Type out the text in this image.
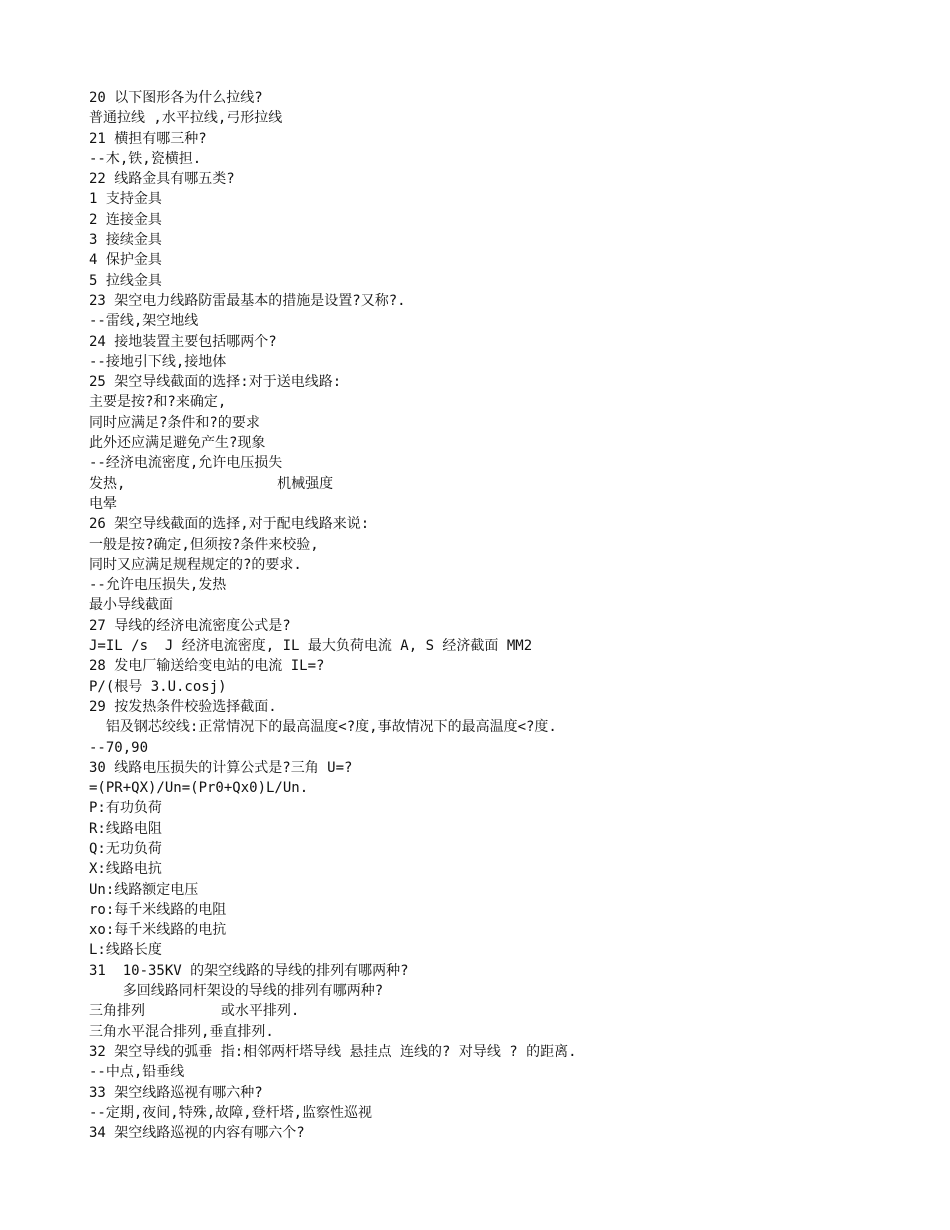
20 以下图形各为什么拉线?
普通拉线 ,水平拉线,弓形拉线
21 横担有哪三种?
--木,铁,瓷横担.
22 线路金具有哪五类?
1 支持金具
2 连接金具
3 接续金具
4 保护金具
5 拉线金具
23 架空电力线路防雷最基本的措施是设置?又称?.
--雷线,架空地线
24 接地装置主要包括哪两个?
--接地引下线,接地体
25 架空导线截面的选择:对于送电线路:
主要是按?和?来确定,
同时应满足?条件和?的要求
此外还应满足避免产生?现象
--经济电流密度,允许电压损失
发热,                  机械强度
电晕
26 架空导线截面的选择,对于配电线路来说:
一般是按?确定,但须按?条件来校验,
同时又应满足规程规定的?的要求.
--允许电压损失,发热
最小导线截面
27 导线的经济电流密度公式是?
J=IL /s  J 经济电流密度, IL 最大负荷电流 A, S 经济截面 MM2
28 发电厂输送给变电站的电流 IL=?
P/(根号 3.U.cosj)
29 按发热条件校验选择截面.
铝及钢芯绞线:正常情况下的最高温度<?度,事故情况下的最高温度<?度.
--70,90
30 线路电压损失的计算公式是?三角 U=?
=(PR+QX)/Un=(Pr0+Qx0)L/Un.
P:有功负荷
R:线路电阻
Q:无功负荷
X:线路电抗
Un:线路额定电压
ro:每千米线路的电阻
xo:每千米线路的电抗
L:线路长度
31  10-35KV 的架空线路的导线的排列有哪两种?
多回线路同杆架设的导线的排列有哪两种?
三角排列         或水平排列.
三角水平混合排列,垂直排列.
32 架空导线的弧垂 指:相邻两杆塔导线 悬挂点 连线的? 对导线 ? 的距离.
--中点,铅垂线
33 架空线路巡视有哪六种?
--定期,夜间,特殊,故障,登杆塔,监察性巡视
34 架空线路巡视的内容有哪六个?
